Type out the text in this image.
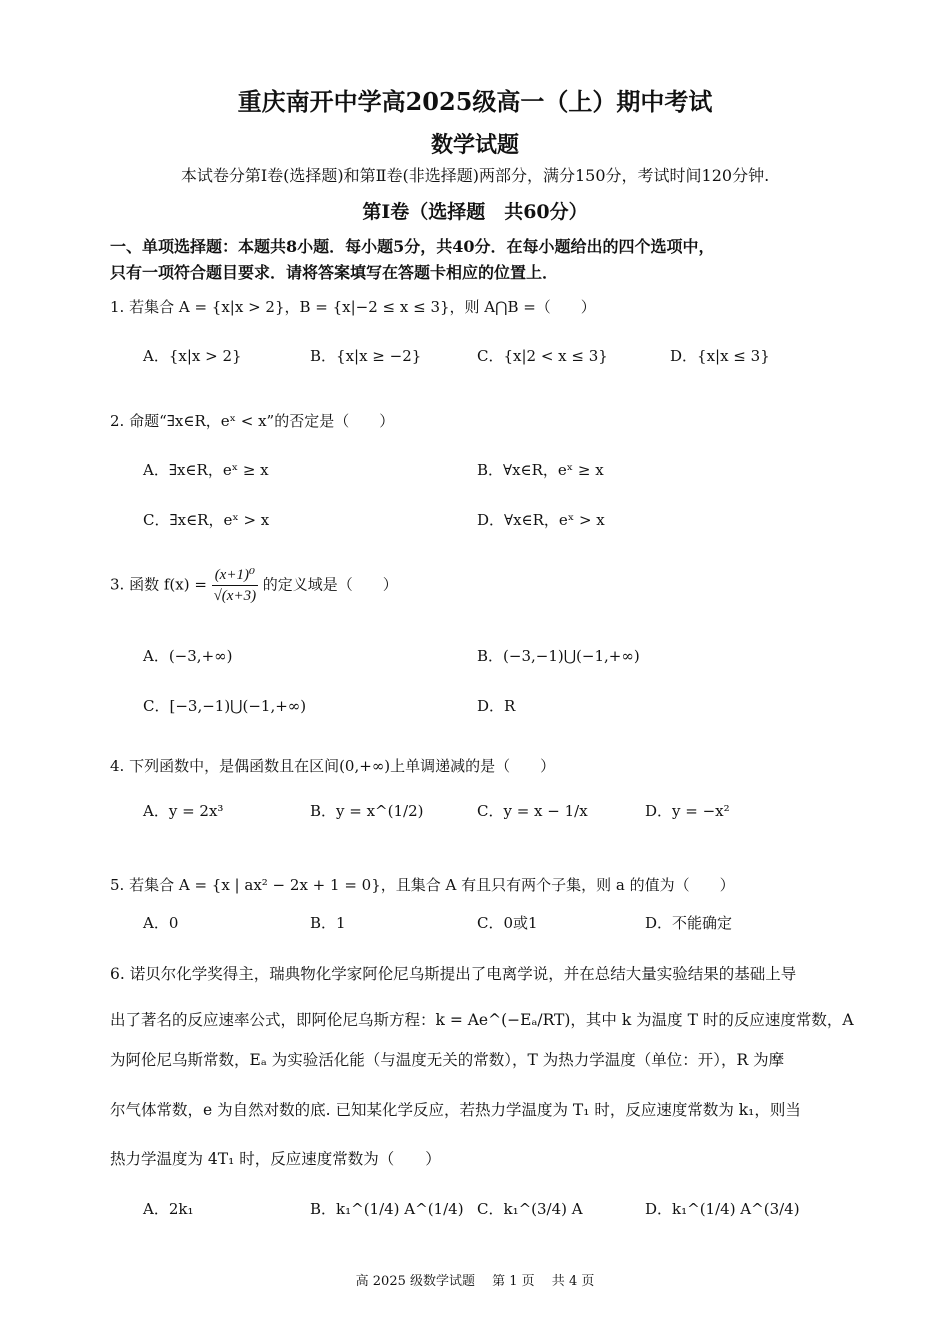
重庆南开中学高2025级高一（上）期中考试
数学试题
本试卷分第Ⅰ卷(选择题)和第Ⅱ卷(非选择题)两部分，满分150分，考试时间120分钟.
第Ⅰ卷（选择题　共60分）
一、单项选择题：本题共8小题．每小题5分，共40分．在每小题给出的四个选项中，
只有一项符合题目要求．请将答案填写在答题卡相应的位置上．
1. 若集合 A = {x|x > 2}，B = {x|−2 ≤ x ≤ 3}，则 A⋂B =（　　）
A．{x|x > 2}	B．{x|x ≥ −2}	C．{x|2 < x ≤ 3}	D．{x|x ≤ 3}
2. 命题“∃x∈R，eˣ < x”的否定是（　　）
A．∃x∈R，eˣ ≥ x	B．∀x∈R，eˣ ≥ x
C．∃x∈R，eˣ > x	D．∀x∈R，eˣ > x
3. 函数 $f(x) = \frac{\text{(x+1)⁰}}{√(x+3)}$ 的定义域是（　　）
A．(−3,+∞)	B．(−3,−1)⋃(−1,+∞)
C．[−3,−1)⋃(−1,+∞)	D．R
4. 下列函数中，是偶函数且在区间(0,+∞)上单调递减的是（　　）
A．y = 2x³	B．y = x^(1/2)	C．y = x − 1/x	D．y = −x²
5. 若集合 A = {x | ax² − 2x + 1 = 0}，且集合 A 有且只有两个子集，则 a 的值为（　　）
A．0	B．1	C．0或1	D．不能确定
6. 诺贝尔化学奖得主，瑞典物化学家阿伦尼乌斯提出了电离学说，并在总结大量实验结果的基础上导
出了著名的反应速率公式，即阿伦尼乌斯方程：k = Ae^(−Eₐ/RT)，其中 k 为温度 T 时的反应速度常数，A
为阿伦尼乌斯常数，Eₐ 为实验活化能（与温度无关的常数），T 为热力学温度（单位：开），R 为摩
尔气体常数，e 为自然对数的底. 已知某化学反应，若热力学温度为 T₁ 时，反应速度常数为 k₁，则当
热力学温度为 4T₁ 时，反应速度常数为（　　）
A．2k₁	B．k₁^(1/4) A^(1/4) C．k₁^(3/4) A	D．k₁^(1/4) A^(3/4)
高 2025 级数学试题　 第 1 页　 共 4 页
